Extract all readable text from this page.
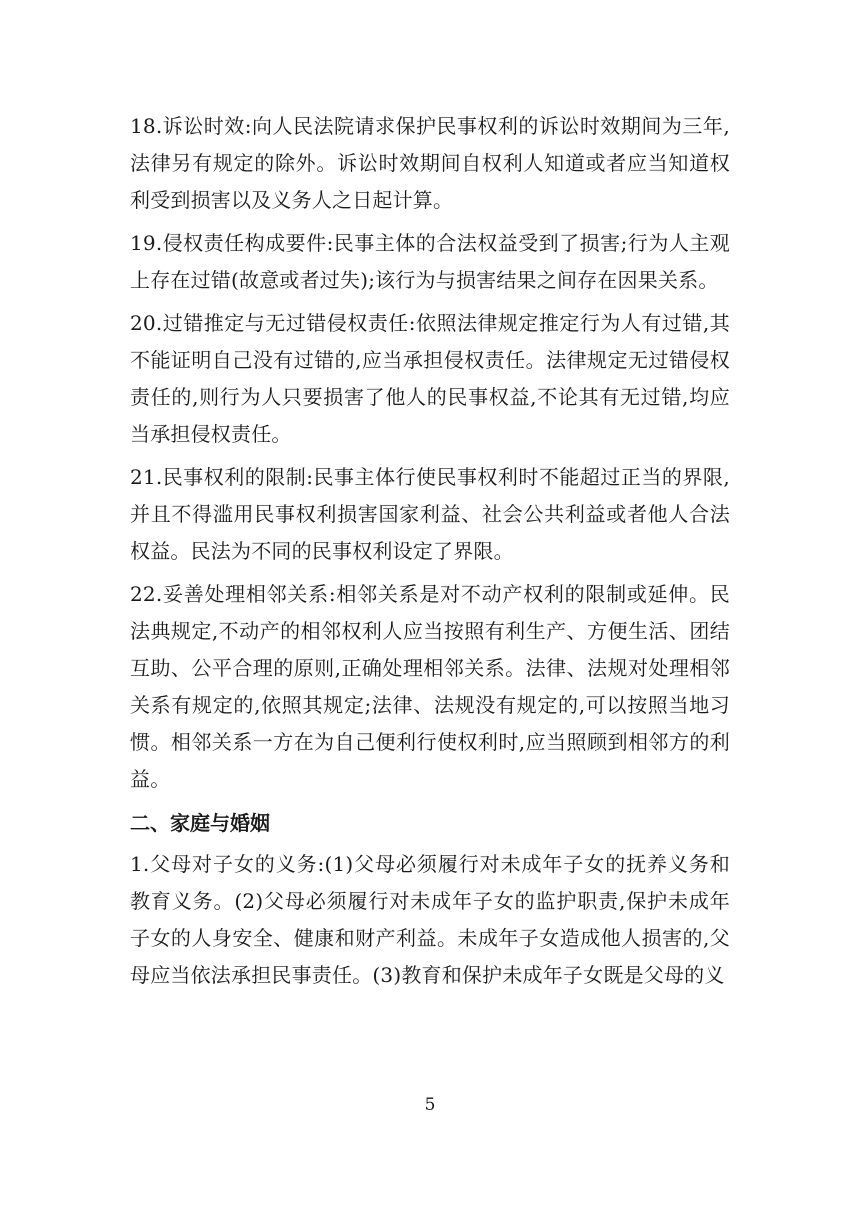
18.诉讼时效:向人民法院请求保护民事权利的诉讼时效期间为三年,法律另有规定的除外。诉讼时效期间自权利人知道或者应当知道权利受到损害以及义务人之日起计算。

19.侵权责任构成要件:民事主体的合法权益受到了损害;行为人主观上存在过错(故意或者过失);该行为与损害结果之间存在因果关系。

20.过错推定与无过错侵权责任:依照法律规定推定行为人有过错,其不能证明自己没有过错的,应当承担侵权责任。法律规定无过错侵权责任的,则行为人只要损害了他人的民事权益,不论其有无过错,均应当承担侵权责任。

21.民事权利的限制:民事主体行使民事权利时不能超过正当的界限,并且不得滥用民事权利损害国家利益、社会公共利益或者他人合法权益。民法为不同的民事权利设定了界限。

22.妥善处理相邻关系:相邻关系是对不动产权利的限制或延伸。民法典规定,不动产的相邻权利人应当按照有利生产、方便生活、团结互助、公平合理的原则,正确处理相邻关系。法律、法规对处理相邻关系有规定的,依照其规定;法律、法规没有规定的,可以按照当地习惯。相邻关系一方在为自己便利行使权利时,应当照顾到相邻方的利益。

二、家庭与婚姻

1.父母对子女的义务:(1)父母必须履行对未成年子女的抚养义务和教育义务。(2)父母必须履行对未成年子女的监护职责,保护未成年子女的人身安全、健康和财产利益。未成年子女造成他人损害的,父母应当依法承担民事责任。(3)教育和保护未成年子女既是父母的义

5
